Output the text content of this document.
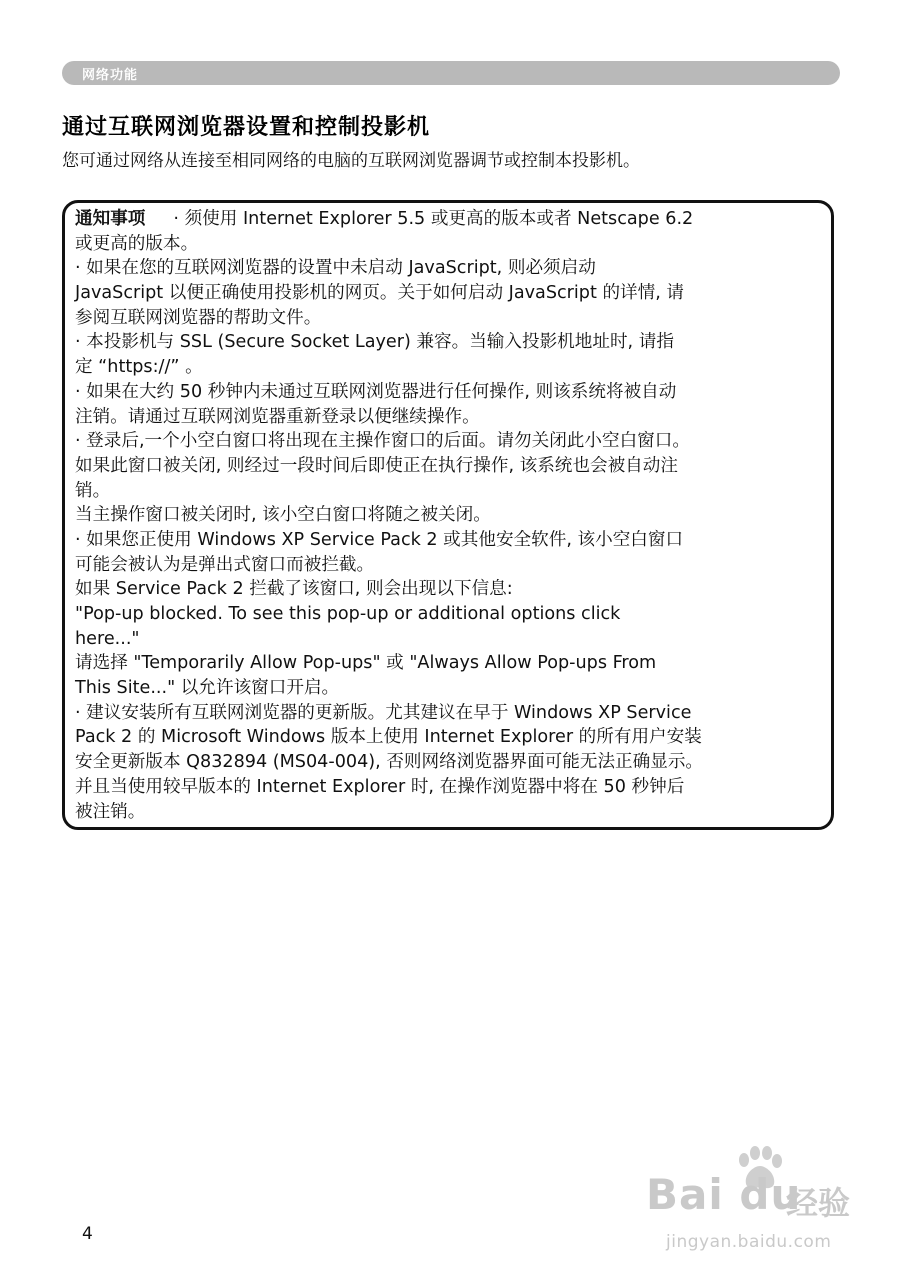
网络功能
通过互联网浏览器设置和控制投影机
您可通过网络从连接至相同网络的电脑的互联网浏览器调节或控制本投影机。
通知事项 · 须使用 Internet Explorer 5.5 或更高的版本或者 Netscape 6.2
或更高的版本。
· 如果在您的互联网浏览器的设置中未启动 JavaScript, 则必须启动
JavaScript 以便正确使用投影机的网页。关于如何启动 JavaScript 的详情, 请
参阅互联网浏览器的帮助文件。
· 本投影机与 SSL (Secure Socket Layer) 兼容。当输入投影机地址时, 请指
定 “https://” 。
· 如果在大约 50 秒钟内未通过互联网浏览器进行任何操作, 则该系统将被自动
注销。请通过互联网浏览器重新登录以便继续操作。
· 登录后,一个小空白窗口将出现在主操作窗口的后面。请勿关闭此小空白窗口。
如果此窗口被关闭, 则经过一段时间后即使正在执行操作, 该系统也会被自动注
销。
当主操作窗口被关闭时, 该小空白窗口将随之被关闭。
· 如果您正使用 Windows XP Service Pack 2 或其他安全软件, 该小空白窗口
可能会被认为是弹出式窗口而被拦截。
如果 Service Pack 2 拦截了该窗口, 则会出现以下信息:
"Pop-up blocked. To see this pop-up or additional options click
here..."
请选择 "Temporarily Allow Pop-ups" 或 "Always Allow Pop-ups From
This Site..." 以允许该窗口开启。
· 建议安装所有互联网浏览器的更新版。尤其建议在早于 Windows XP Service
Pack 2 的 Microsoft Windows 版本上使用 Internet Explorer 的所有用户安装
安全更新版本 Q832894 (MS04-004), 否则网络浏览器界面可能无法正确显示。
并且当使用较早版本的 Internet Explorer 时, 在操作浏览器中将在 50 秒钟后
被注销。
4
Bai du
经验
jingyan.baidu.com
